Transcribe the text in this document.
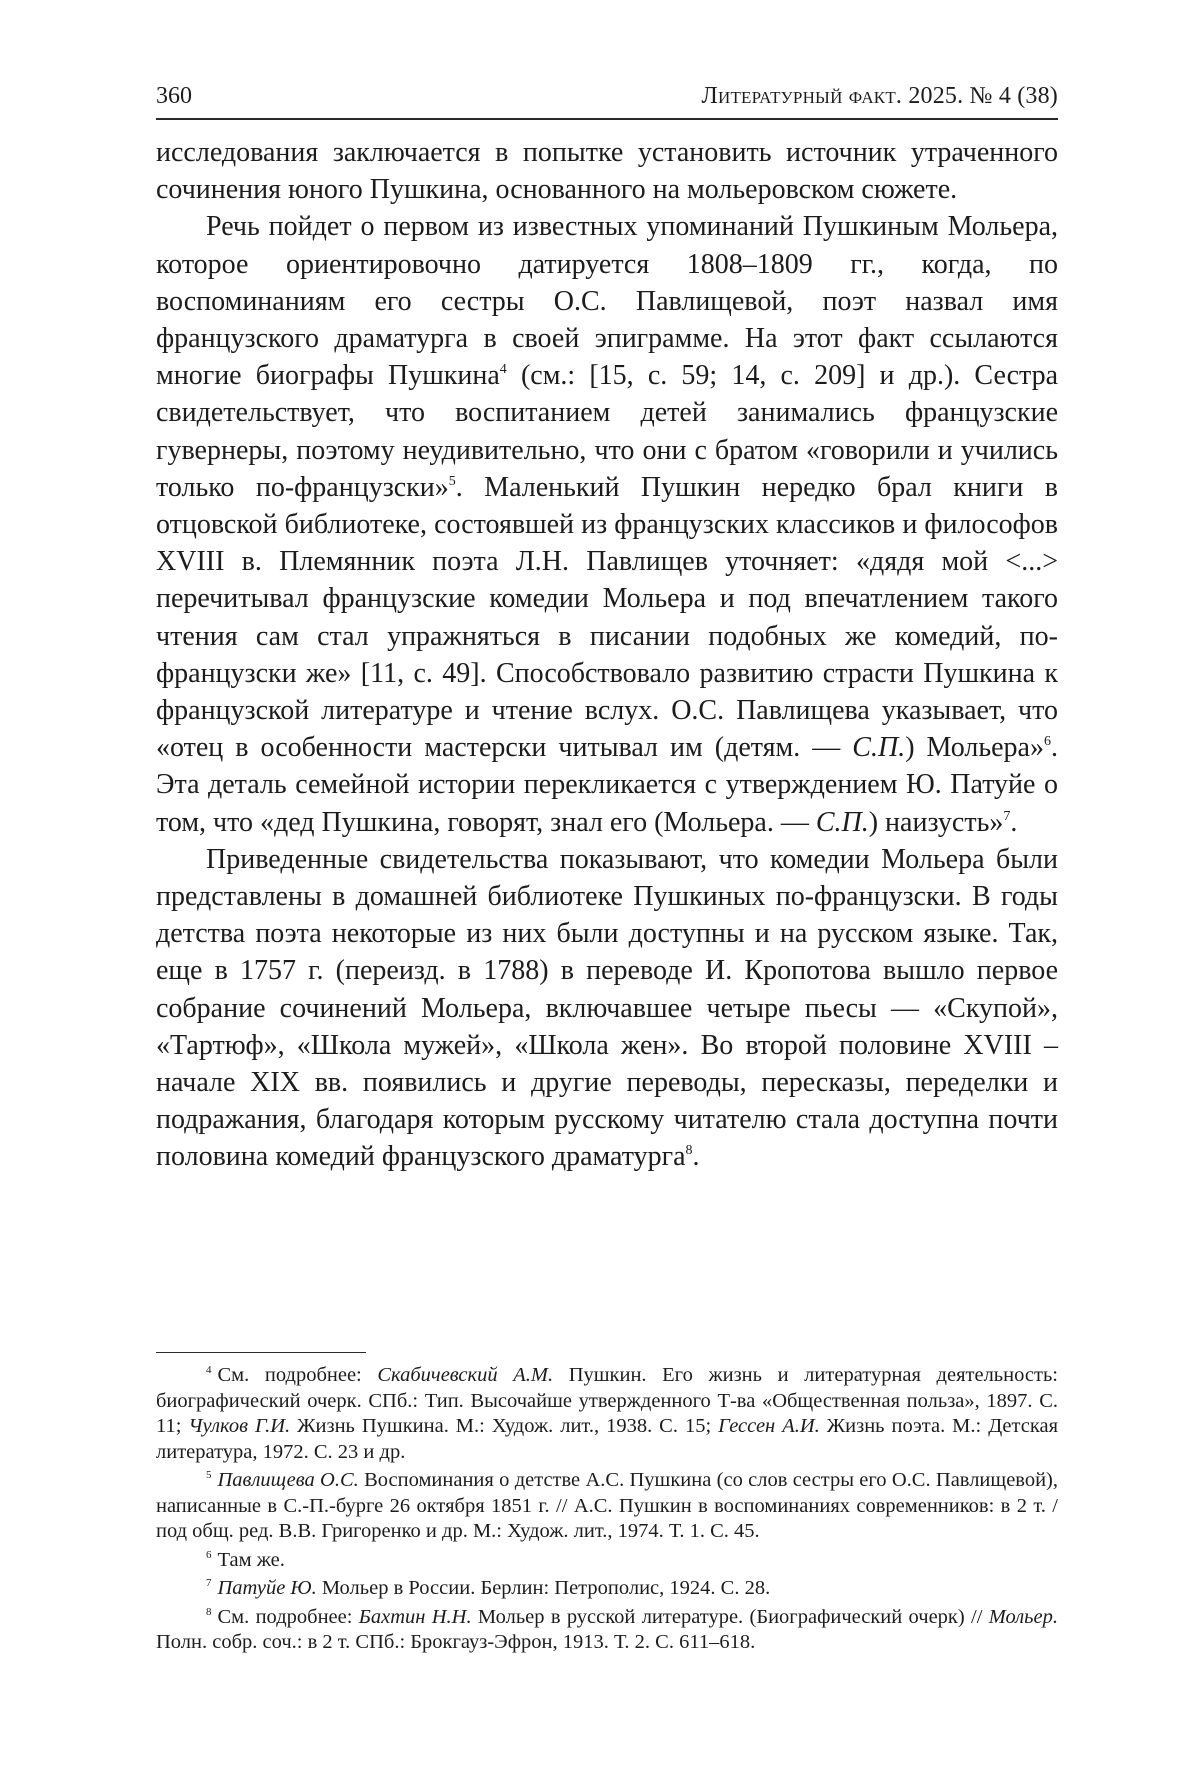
360	Литературный факт. 2025. № 4 (38)

исследования заключается в попытке установить источник утраченного сочинения юного Пушкина, основанного на мольеровском сюжете.

Речь пойдет о первом из известных упоминаний Пушкиным Мольера, которое ориентировочно датируется 1808–1809 гг., когда, по воспоминаниям его сестры О.С. Павлищевой, поэт назвал имя французского драматурга в своей эпиграмме. На этот факт ссылаются многие биографы Пушкина$^4$ (см.: [15, с. 59; 14, с. 209] и др.). Сестра свидетельствует, что воспитанием детей занимались французские гувернеры, поэтому неудивительно, что они с братом «говорили и учились только по-французски»$^5$. Маленький Пушкин нередко брал книги в отцовской библиотеке, состоявшей из французских классиков и философов XVIII в. Племянник поэта Л.Н. Павлищев уточняет: «дядя мой <...> перечитывал французские комедии Мольера и под впечатлением такого чтения сам стал упражняться в писании подобных же комедий, по-французски же» [11, с. 49]. Способствовало развитию страсти Пушкина к французской литературе и чтение вслух. О.С. Павлищева указывает, что «отец в особенности мастерски читывал им (детям. — С.П.) Мольера»$^6$. Эта деталь семейной истории перекликается с утверждением Ю. Патуйе о том, что «дед Пушкина, говорят, знал его (Мольера. — С.П.) наизусть»$^7$.

Приведенные свидетельства показывают, что комедии Мольера были представлены в домашней библиотеке Пушкиных по-французски. В годы детства поэта некоторые из них были доступны и на русском языке. Так, еще в 1757 г. (переизд. в 1788) в переводе И. Кропотова вышло первое собрание сочинений Мольера, включавшее четыре пьесы — «Скупой», «Тартюф», «Школа мужей», «Школа жен». Во второй половине XVIII – начале XIX вв. появились и другие переводы, пересказы, переделки и подражания, благодаря которым русскому читателю стала доступна почти половина комедий французского драматурга$^8$.

$^4$ См. подробнее: Скабичевский А.М. Пушкин. Его жизнь и литературная деятельность: биографический очерк. СПб.: Тип. Высочайше утвержденного Т-ва «Общественная польза», 1897. С. 11; Чулков Г.И. Жизнь Пушкина. М.: Худож. лит., 1938. С. 15; Гессен А.И. Жизнь поэта. М.: Детская литература, 1972. С. 23 и др.

$^5$ Павлищева О.С. Воспоминания о детстве А.С. Пушкина (со слов сестры его О.С. Павлищевой), написанные в С.-П.-бурге 26 октября 1851 г. // А.С. Пушкин в воспоминаниях современников: в 2 т. / под общ. ред. В.В. Григоренко и др. М.: Худож. лит., 1974. Т. 1. С. 45.

$^6$ Там же.

$^7$ Патуйе Ю. Мольер в России. Берлин: Петрополис, 1924. С. 28.

$^8$ См. подробнее: Бахтин Н.Н. Мольер в русской литературе. (Биографический очерк) // Мольер. Полн. собр. соч.: в 2 т. СПб.: Брокгауз-Эфрон, 1913. Т. 2. С. 611–618.
